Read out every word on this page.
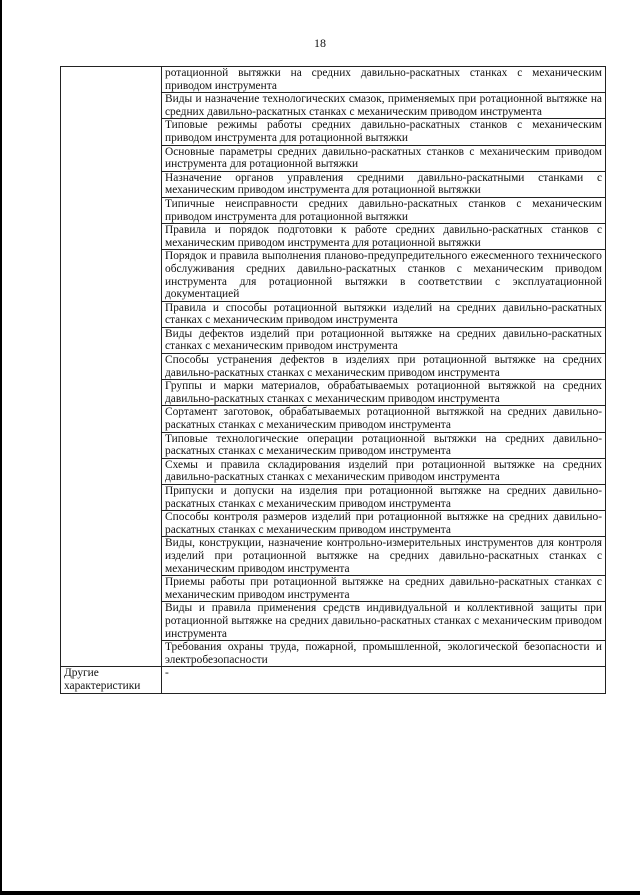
18
	ротационной вытяжки на средних давильно-раскатных станках с механическим приводом инструмента
	Виды и назначение технологических смазок, применяемых при ротационной вытяжке на средних давильно-раскатных станках с механическим приводом инструмента
	Типовые режимы работы средних давильно-раскатных станков с механическим приводом инструмента для ротационной вытяжки
	Основные параметры средних давильно-раскатных станков с механическим приводом инструмента для ротационной вытяжки
	Назначение органов управления средними давильно-раскатными станками с механическим приводом инструмента для ротационной вытяжки
	Типичные неисправности средних давильно-раскатных станков с механическим приводом инструмента для ротационной вытяжки
	Правила и порядок подготовки к работе средних давильно-раскатных станков с механическим приводом инструмента для ротационной вытяжки
	Порядок и правила выполнения планово-предупредительного ежесменного технического обслуживания средних давильно-раскатных станков с механическим приводом инструмента для ротационной вытяжки в соответствии с эксплуатационной документацией
	Правила и способы ротационной вытяжки изделий на средних давильно-раскатных станках с механическим приводом инструмента
	Виды дефектов изделий при ротационной вытяжке на средних давильно-раскатных станках с механическим приводом инструмента
	Способы устранения дефектов в изделиях при ротационной вытяжке на средних давильно-раскатных станках с механическим приводом инструмента
	Группы и марки материалов, обрабатываемых ротационной вытяжкой на средних давильно-раскатных станках с механическим приводом инструмента
	Сортамент заготовок, обрабатываемых ротационной вытяжкой на средних давильно-раскатных станках с механическим приводом инструмента
	Типовые технологические операции ротационной вытяжки на средних давильно-раскатных станках с механическим приводом инструмента
	Схемы и правила складирования изделий при ротационной вытяжке на средних давильно-раскатных станках с механическим приводом инструмента
	Припуски и допуски на изделия при ротационной вытяжке на средних давильно-раскатных станках с механическим приводом инструмента
	Способы контроля размеров изделий при ротационной вытяжке на средних давильно-раскатных станках с механическим приводом инструмента
	Виды, конструкции, назначение контрольно-измерительных инструментов для контроля изделий при ротационной вытяжке на средних давильно-раскатных станках с механическим приводом инструмента
	Приемы работы при ротационной вытяжке на средних давильно-раскатных станках с механическим приводом инструмента
	Виды и правила применения средств индивидуальной и коллективной защиты при ротационной вытяжке на средних давильно-раскатных станках с механическим приводом инструмента
	Требования охраны труда, пожарной, промышленной, экологической безопасности и электробезопасности
Другие характеристики	-
